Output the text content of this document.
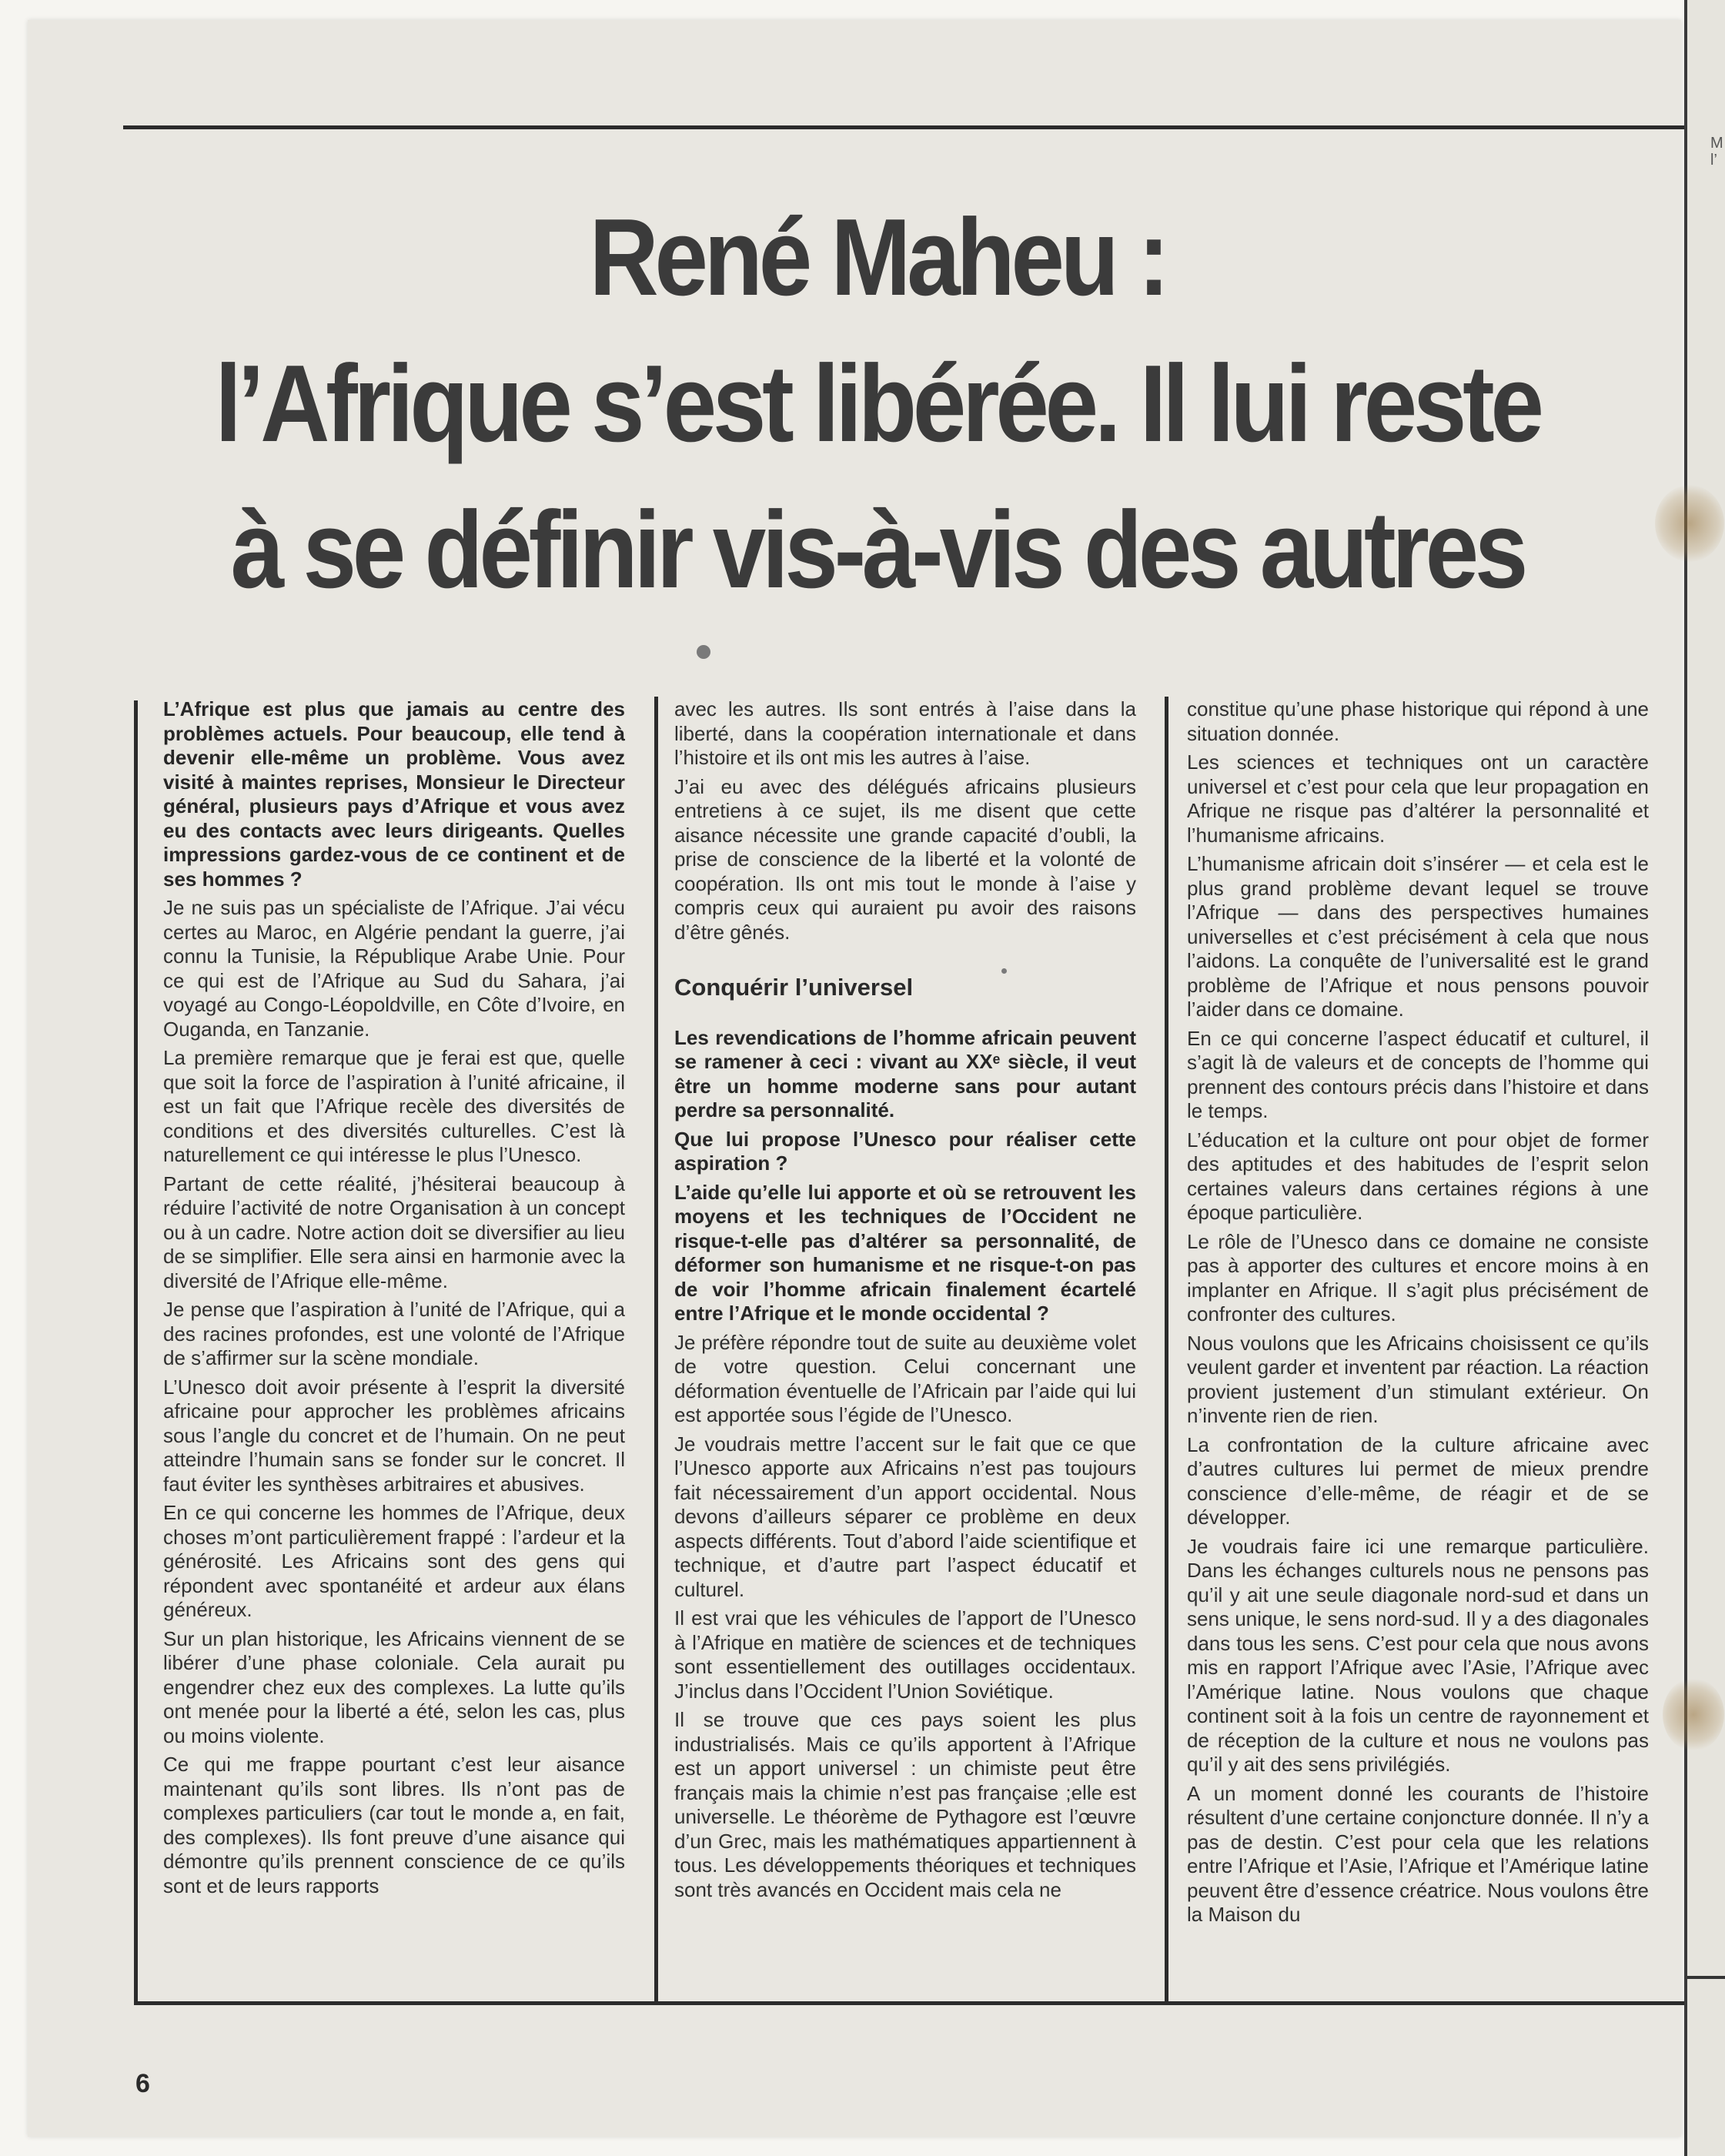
M
l’
René Maheu :
l’Afrique s’est libérée. Il lui reste
à se définir vis-à-vis des autres

L’Afrique est plus que jamais au centre des problèmes actuels. Pour beaucoup, elle tend à devenir elle-même un problème. Vous avez visité à maintes reprises, Monsieur le Directeur général, plusieurs pays d’Afrique et vous avez eu des contacts avec leurs dirigeants. Quelles impressions gardez-vous de ce continent et de ses hommes ?

Je ne suis pas un spécialiste de l’Afrique. J’ai vécu certes au Maroc, en Algérie pendant la guerre, j’ai connu la Tunisie, la République Arabe Unie. Pour ce qui est de l’Afrique au Sud du Sahara, j’ai voyagé au Congo-Léopoldville, en Côte d’Ivoire, en Ouganda, en Tanzanie.

La première remarque que je ferai est que, quelle que soit la force de l’aspiration à l’unité africaine, il est un fait que l’Afrique recèle des diversités de conditions et des diversités culturelles. C’est là naturellement ce qui intéresse le plus l’Unesco.

Partant de cette réalité, j’hésiterai beaucoup à réduire l’activité de notre Organisation à un concept ou à un cadre. Notre action doit se diversifier au lieu de se simplifier. Elle sera ainsi en harmonie avec la diversité de l’Afrique elle-même.

Je pense que l’aspiration à l’unité de l’Afrique, qui a des racines profondes, est une volonté de l’Afrique de s’affirmer sur la scène mondiale.

L’Unesco doit avoir présente à l’esprit la diversité africaine pour approcher les problèmes africains sous l’angle du concret et de l’humain. On ne peut atteindre l’humain sans se fonder sur le concret. Il faut éviter les synthèses arbitraires et abusives.

En ce qui concerne les hommes de l’Afrique, deux choses m’ont particulièrement frappé : l’ardeur et la générosité. Les Africains sont des gens qui répondent avec spontanéité et ardeur aux élans généreux.

Sur un plan historique, les Africains viennent de se libérer d’une phase coloniale. Cela aurait pu engendrer chez eux des complexes. La lutte qu’ils ont menée pour la liberté a été, selon les cas, plus ou moins violente.

Ce qui me frappe pourtant c’est leur aisance maintenant qu’ils sont libres. Ils n’ont pas de complexes particuliers (car tout le monde a, en fait, des complexes). Ils font preuve d’une aisance qui démontre qu’ils prennent conscience de ce qu’ils sont et de leurs rapports

avec les autres. Ils sont entrés à l’aise dans la liberté, dans la coopération internationale et dans l’histoire et ils ont mis les autres à l’aise.

J’ai eu avec des délégués africains plusieurs entretiens à ce sujet, ils me disent que cette aisance nécessite une grande capacité d’oubli, la prise de conscience de la liberté et la volonté de coopération. Ils ont mis tout le monde à l’aise y compris ceux qui auraient pu avoir des raisons d’être gênés.

Conquérir l’universel

Les revendications de l’homme africain peuvent se ramener à ceci : vivant au XXᵉ siècle, il veut être un homme moderne sans pour autant perdre sa personnalité.

Que lui propose l’Unesco pour réaliser cette aspiration ?

L’aide qu’elle lui apporte et où se retrouvent les moyens et les techniques de l’Occident ne risque-t-elle pas d’altérer sa personnalité, de déformer son humanisme et ne risque-t-on pas de voir l’homme africain finalement écartelé entre l’Afrique et le monde occidental ?

Je préfère répondre tout de suite au deuxième volet de votre question. Celui concernant une déformation éventuelle de l’Africain par l’aide qui lui est apportée sous l’égide de l’Unesco.

Je voudrais mettre l’accent sur le fait que ce que l’Unesco apporte aux Africains n’est pas toujours fait nécessairement d’un apport occidental. Nous devons d’ailleurs séparer ce problème en deux aspects différents. Tout d’abord l’aide scientifique et technique, et d’autre part l’aspect éducatif et culturel.

Il est vrai que les véhicules de l’apport de l’Unesco à l’Afrique en matière de sciences et de techniques sont essentiellement des outillages occidentaux. J’inclus dans l’Occident l’Union Soviétique.

Il se trouve que ces pays soient les plus industrialisés. Mais ce qu’ils apportent à l’Afrique est un apport universel : un chimiste peut être français mais la chimie n’est pas française ;elle est universelle. Le théorème de Pythagore est l’œuvre d’un Grec, mais les mathématiques appartiennent à tous. Les développements théoriques et techniques sont très avancés en Occident mais cela ne

constitue qu’une phase historique qui répond à une situation donnée.

Les sciences et techniques ont un caractère universel et c’est pour cela que leur propagation en Afrique ne risque pas d’altérer la personnalité et l’humanisme africains.

L’humanisme africain doit s’insérer — et cela est le plus grand problème devant lequel se trouve l’Afrique — dans des perspectives humaines universelles et c’est précisément à cela que nous l’aidons. La conquête de l’universalité est le grand problème de l’Afrique et nous pensons pouvoir l’aider dans ce domaine.

En ce qui concerne l’aspect éducatif et culturel, il s’agit là de valeurs et de concepts de l’homme qui prennent des contours précis dans l’histoire et dans le temps.

L’éducation et la culture ont pour objet de former des aptitudes et des habitudes de l’esprit selon certaines valeurs dans certaines régions à une époque particulière.

Le rôle de l’Unesco dans ce domaine ne consiste pas à apporter des cultures et encore moins à en implanter en Afrique. Il s’agit plus précisément de confronter des cultures.

Nous voulons que les Africains choisissent ce qu’ils veulent garder et inventent par réaction. La réaction provient justement d’un stimulant extérieur. On n’invente rien de rien.

La confrontation de la culture africaine avec d’autres cultures lui permet de mieux prendre conscience d’elle-même, de réagir et de se développer.

Je voudrais faire ici une remarque particulière. Dans les échanges culturels nous ne pensons pas qu’il y ait une seule diagonale nord-sud et dans un sens unique, le sens nord-sud. Il y a des diagonales dans tous les sens. C’est pour cela que nous avons mis en rapport l’Afrique avec l’Asie, l’Afrique avec l’Amérique latine. Nous voulons que chaque continent soit à la fois un centre de rayonnement et de réception de la culture et nous ne voulons pas qu’il y ait des sens privilégiés.

A un moment donné les courants de l’histoire résultent d’une certaine conjoncture donnée. Il n’y a pas de destin. C’est pour cela que les relations entre l’Afrique et l’Asie, l’Afrique et l’Amérique latine peuvent être d’essence créatrice. Nous voulons être la Maison du

6
